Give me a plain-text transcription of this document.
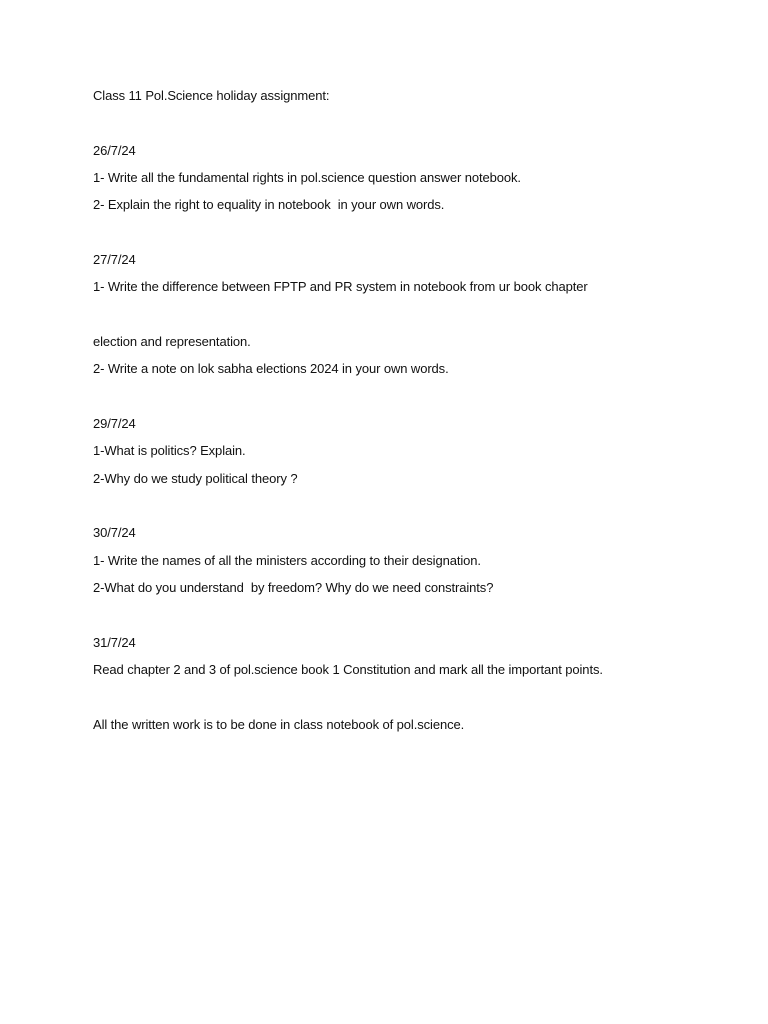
Class 11 Pol.Science holiday assignment:
26/7/24
1- Write all the fundamental rights in pol.science question answer notebook.
2- Explain the right to equality in notebook  in your own words.
27/7/24
1- Write the difference between FPTP and PR system in notebook from ur book chapter
election and representation.
2- Write a note on lok sabha elections 2024 in your own words.
29/7/24
1-What is politics? Explain.
2-Why do we study political theory ?
30/7/24
1- Write the names of all the ministers according to their designation.
2-What do you understand  by freedom? Why do we need constraints?
31/7/24
Read chapter 2 and 3 of pol.science book 1 Constitution and mark all the important points.
All the written work is to be done in class notebook of pol.science.
